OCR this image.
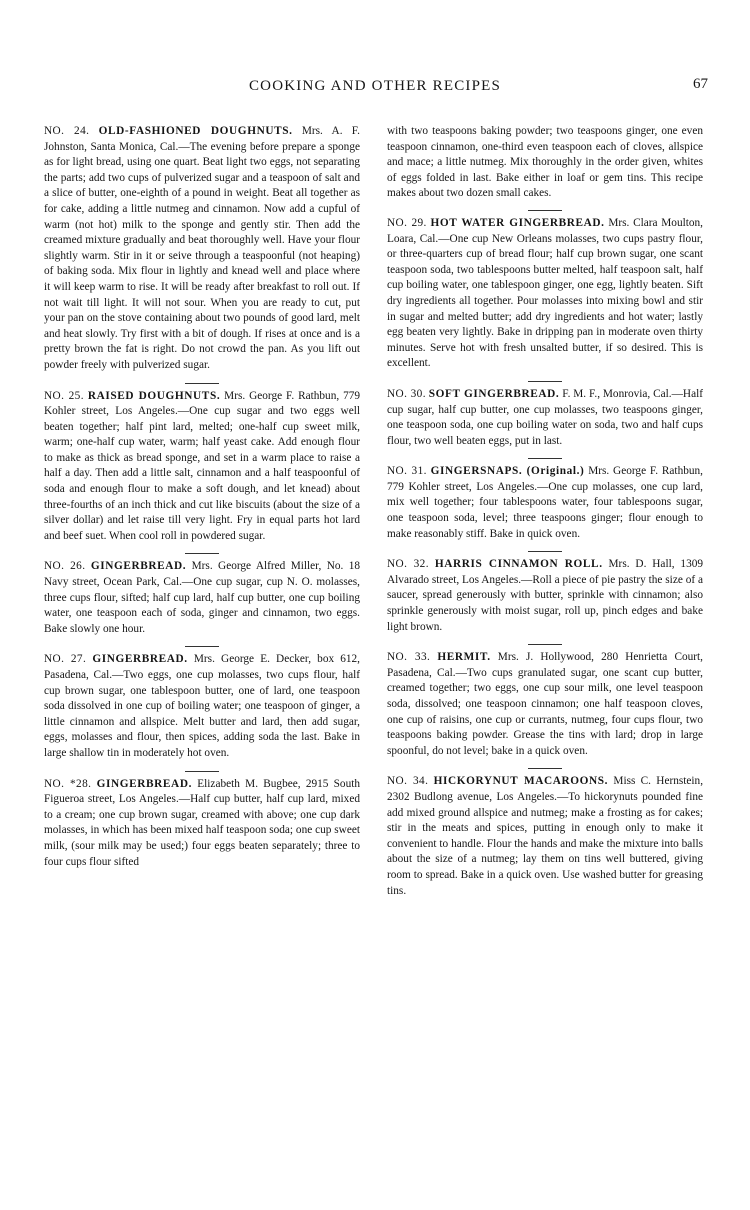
COOKING AND OTHER RECIPES	67

NO. 24. OLD-FASHIONED DOUGHNUTS. Mrs. A. F. Johnston, Santa Monica, Cal.—The evening before prepare a sponge as for light bread, using one quart. Beat light two eggs, not separating the parts; add two cups of pulverized sugar and a teaspoon of salt and a slice of butter, one-eighth of a pound in weight. Beat all together as for cake, adding a little nutmeg and cinnamon. Now add a cupful of warm (not hot) milk to the sponge and gently stir. Then add the creamed mixture gradually and beat thoroughly well. Have your flour slightly warm. Stir in it or seive through a teaspoonful (not heaping) of baking soda. Mix flour in lightly and knead well and place where it will keep warm to rise. It will be ready after breakfast to roll out. If not wait till light. It will not sour. When you are ready to cut, put your pan on the stove containing about two pounds of good lard, melt and heat slowly. Try first with a bit of dough. If rises at once and is a pretty brown the fat is right. Do not crowd the pan. As you lift out powder freely with pulverized sugar.

NO. 25. RAISED DOUGHNUTS. Mrs. George F. Rathbun, 779 Kohler street, Los Angeles.—One cup sugar and two eggs well beaten together; half pint lard, melted; one-half cup sweet milk, warm; one-half cup water, warm; half yeast cake. Add enough flour to make as thick as bread sponge, and set in a warm place to raise a half a day. Then add a little salt, cinnamon and a half teaspoonful of soda and enough flour to make a soft dough, and let knead) about three-fourths of an inch thick and cut like biscuits (about the size of a silver dollar) and let raise till very light. Fry in equal parts hot lard and beef suet. When cool roll in powdered sugar.

NO. 26. GINGERBREAD. Mrs. George Alfred Miller, No. 18 Navy street, Ocean Park, Cal.—One cup sugar, cup N. O. molasses, three cups flour, sifted; half cup lard, half cup butter, one cup boiling water, one teaspoon each of soda, ginger and cinnamon, two eggs. Bake slowly one hour.

NO. 27. GINGERBREAD. Mrs. George E. Decker, box 612, Pasadena, Cal.—Two eggs, one cup molasses, two cups flour, half cup brown sugar, one tablespoon butter, one of lard, one teaspoon soda dissolved in one cup of boiling water; one teaspoon of ginger, a little cinnamon and allspice. Melt butter and lard, then add sugar, eggs, molasses and flour, then spices, adding soda the last. Bake in large shallow tin in moderately hot oven.

NO. *28. GINGERBREAD. Elizabeth M. Bugbee, 2915 South Figueroa street, Los Angeles.—Half cup butter, half cup lard, mixed to a cream; one cup brown sugar, creamed with above; one cup dark molasses, in which has been mixed half teaspoon soda; one cup sweet milk, (sour milk may be used;) four eggs beaten separately; three to four cups flour sifted

with two teaspoons baking powder; two teaspoons ginger, one even teaspoon cinnamon, one-third even teaspoon each of cloves, allspice and mace; a little nutmeg. Mix thoroughly in the order given, whites of eggs folded in last. Bake either in loaf or gem tins. This recipe makes about two dozen small cakes.

NO. 29. HOT WATER GINGERBREAD. Mrs. Clara Moulton, Loara, Cal.—One cup New Orleans molasses, two cups pastry flour, or three-quarters cup of bread flour; half cup brown sugar, one scant teaspoon soda, two tablespoons butter melted, half teaspoon salt, half cup boiling water, one tablespoon ginger, one egg, lightly beaten. Sift dry ingredients all together. Pour molasses into mixing bowl and stir in sugar and melted butter; add dry ingredients and hot water; lastly egg beaten very lightly. Bake in dripping pan in moderate oven thirty minutes. Serve hot with fresh unsalted butter, if so desired. This is excellent.

NO. 30. SOFT GINGERBREAD. F. M. F., Monrovia, Cal.—Half cup sugar, half cup butter, one cup molasses, two teaspoons ginger, one teaspoon soda, one cup boiling water on soda, two and half cups flour, two well beaten eggs, put in last.

NO. 31. GINGERSNAPS. (Original.) Mrs. George F. Rathbun, 779 Kohler street, Los Angeles.—One cup molasses, one cup lard, mix well together; four tablespoons water, four tablespoons sugar, one teaspoon soda, level; three teaspoons ginger; flour enough to make reasonably stiff. Bake in quick oven.

NO. 32. HARRIS CINNAMON ROLL. Mrs. D. Hall, 1309 Alvarado street, Los Angeles.—Roll a piece of pie pastry the size of a saucer, spread generously with butter, sprinkle with cinnamon; also sprinkle generously with moist sugar, roll up, pinch edges and bake light brown.

NO. 33. HERMIT. Mrs. J. Hollywood, 280 Henrietta Court, Pasadena, Cal.—Two cups granulated sugar, one scant cup butter, creamed together; two eggs, one cup sour milk, one level teaspoon soda, dissolved; one teaspoon cinnamon; one half teaspoon cloves, one cup of raisins, one cup or currants, nutmeg, four cups flour, two teaspoons baking powder. Grease the tins with lard; drop in large spoonful, do not level; bake in a quick oven.

NO. 34. HICKORYNUT MACAROONS. Miss C. Hernstein, 2302 Budlong avenue, Los Angeles.—To hickorynuts pounded fine add mixed ground allspice and nutmeg; make a frosting as for cakes; stir in the meats and spices, putting in enough only to make it convenient to handle. Flour the hands and make the mixture into balls about the size of a nutmeg; lay them on tins well buttered, giving room to spread. Bake in a quick oven. Use washed butter for greasing tins.
